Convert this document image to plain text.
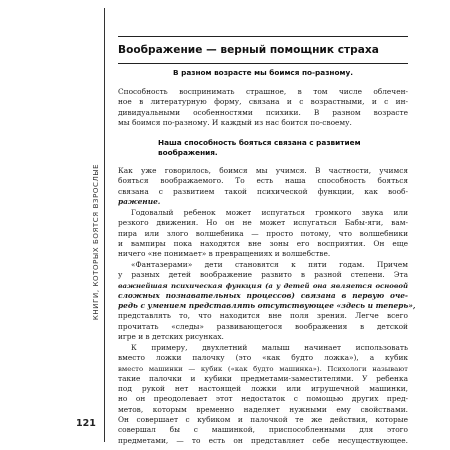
КНИГИ, КОТОРЫХ БОЯТСЯ ВЗРОСЛЫЕ
121
Воображение — верный помощник страха
В разном возрасте мы боимся по-разному.
Способность воспринимать страшное, в том числе облечен-
ное в литературную форму, связана и с возрастными, и с ин-
дивидуальными особенностями психики. В разном возрасте
мы боимся по-разному. И каждый из нас боится по-своему.
Наша способность бояться связана с развитием
воображения.
Как уже говорилось, боимся мы учимся. В частности, учимся
бояться воображаемого. То есть наша способность бояться
связана с развитием такой психической функции, как вооб-
ражение.
Годовалый ребенок может испугаться громкого звука или
резкого движения. Но он не может испугаться Бабы-яги, вам-
пира или злого волшебника — просто потому, что волшебники
и вампиры пока находятся вне зоны его восприятия. Он еще
ничего «не понимает» в превращениях и волшебстве.
«Фантазерами» дети становятся к пяти годам. Причем
у разных детей воображение развито в разной степени. Эта
важнейшая психическая функция (а у детей она является основой
сложных познавательных процессов) связана в первую оче-
редь с умением представлять отсутствующее «здесь и теперь»,
представлять то, что находится вне поля зрения. Легче всего
прочитать «следы» развивающегося воображения в детской
игре и в детских рисунках.
К примеру, двухлетний малыш начинает использовать
вместо ложки палочку (это «как будто ложка»), а кубик
вместо машинки — кубик («как будто машинка»). Психологи называют
такие палочки и кубики предметами-заместителями. У ребенка
под рукой нет настоящей ложки или игрушечной машинки,
но он преодолевает этот недостаток с помощью других пред-
метов, которым временно наделяет нужными ему свойствами.
Он совершает с кубиком и палочкой те же действия, которые
совершал бы с машинкой, приспособленными для этого
предметами, — то есть он представляет себе несуществующее.
